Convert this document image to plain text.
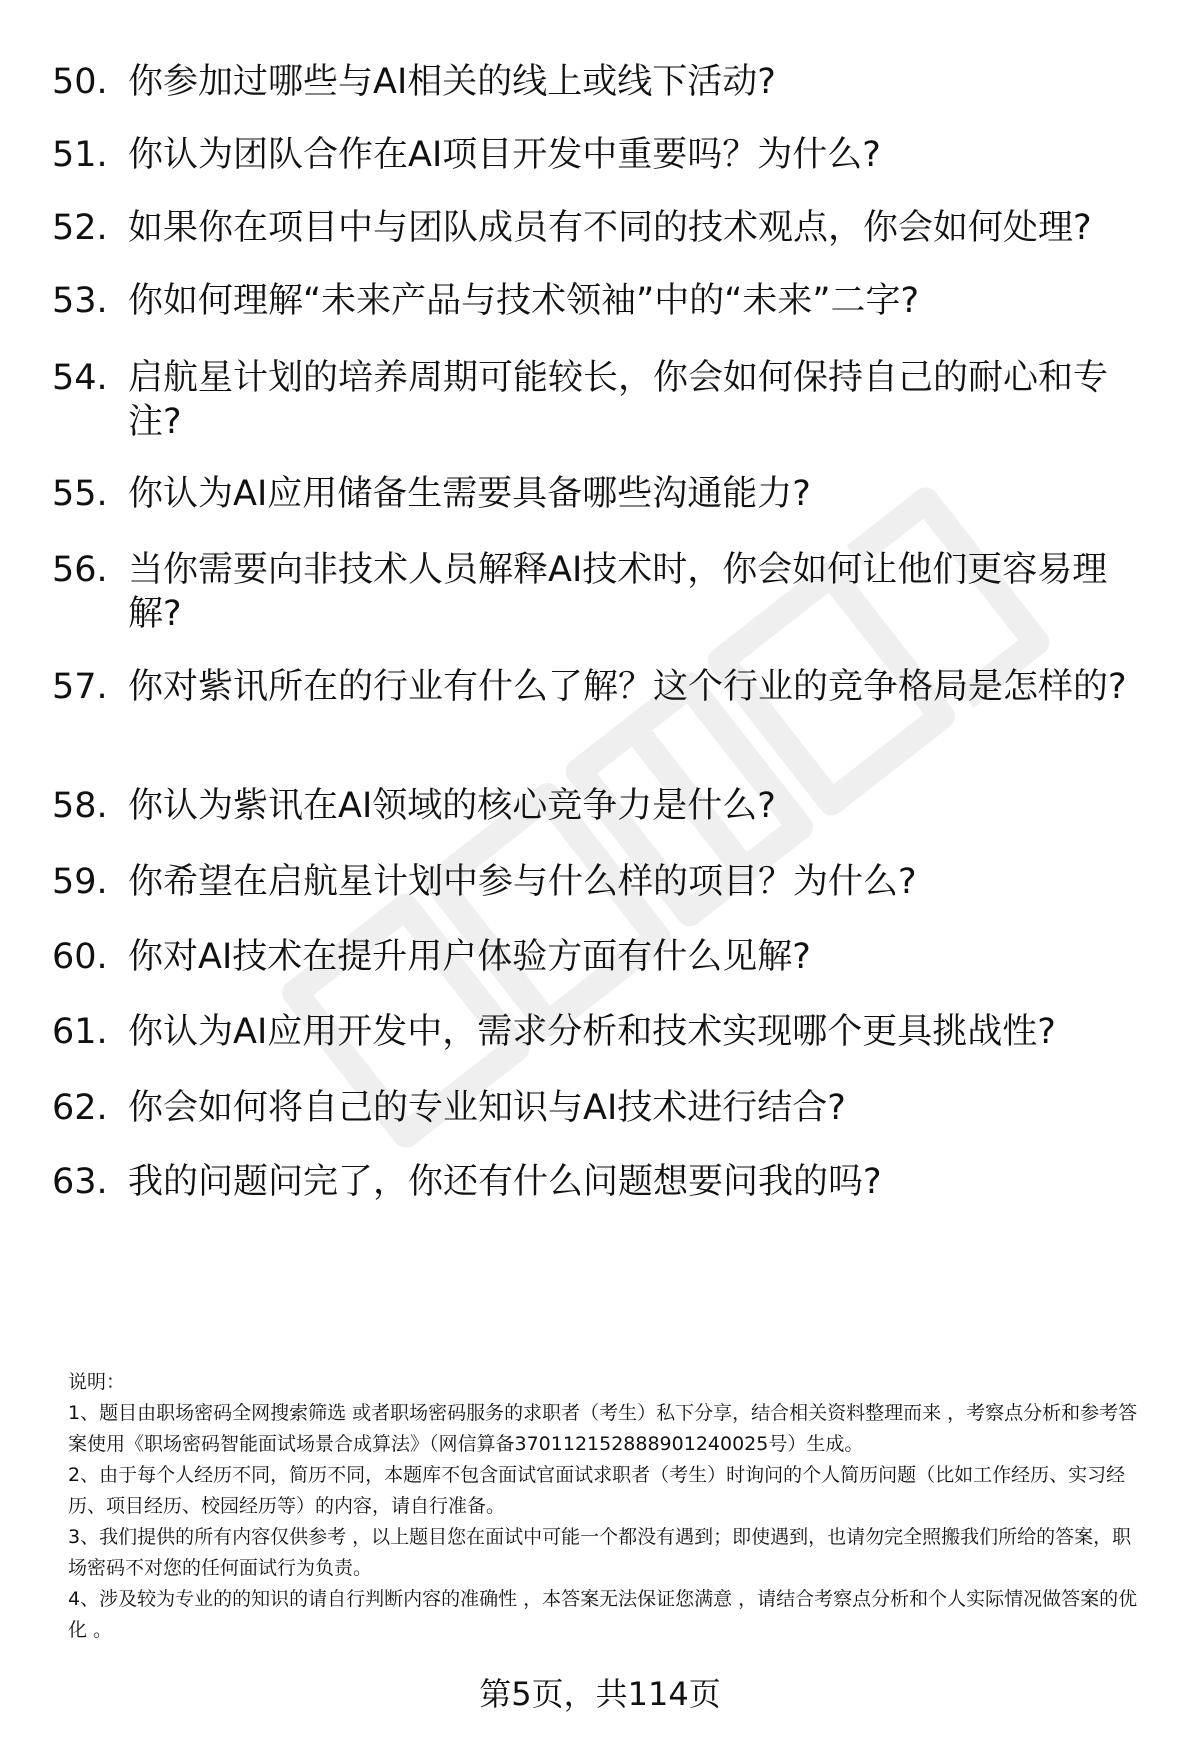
50. 你参加过哪些与AI相关的线上或线下活动?
51. 你认为团队合作在AI项目开发中重要吗？为什么?
52. 如果你在项目中与团队成员有不同的技术观点，你会如何处理?
53. 你如何理解“未来产品与技术领袖”中的“未来”二字?
54. 启航星计划的培养周期可能较长，你会如何保持自己的耐心和专注?
55. 你认为AI应用储备生需要具备哪些沟通能力?
56. 当你需要向非技术人员解释AI技术时，你会如何让他们更容易理解?
57. 你对紫讯所在的行业有什么了解？这个行业的竞争格局是怎样的?
58. 你认为紫讯在AI领域的核心竞争力是什么?
59. 你希望在启航星计划中参与什么样的项目？为什么?
60. 你对AI技术在提升用户体验方面有什么见解?
61. 你认为AI应用开发中，需求分析和技术实现哪个更具挑战性?
62. 你会如何将自己的专业知识与AI技术进行结合?
63. 我的问题问完了，你还有什么问题想要问我的吗?

说明：

1、题目由职场密码全网搜索筛选 或者职场密码服务的求职者（考生）私下分享，结合相关资料整理而来 ，考察点分析和参考答案使用《职场密码智能面试场景合成算法》（网信算备370112152888901240025号）生成。

2、由于每个人经历不同，简历不同，本题库不包含面试官面试求职者（考生）时询问的个人简历问题（比如工作经历、实习经历、项目经历、校园经历等）的内容，请自行准备。

3、我们提供的所有内容仅供参考 ，以上题目您在面试中可能一个都没有遇到；即使遇到，也请勿完全照搬我们所给的答案，职场密码不对您的任何面试行为负责。

4、涉及较为专业的的知识的请自行判断内容的准确性 ，本答案无法保证您满意 ，请结合考察点分析和个人实际情况做答案的优化 。

第5页，共114页
